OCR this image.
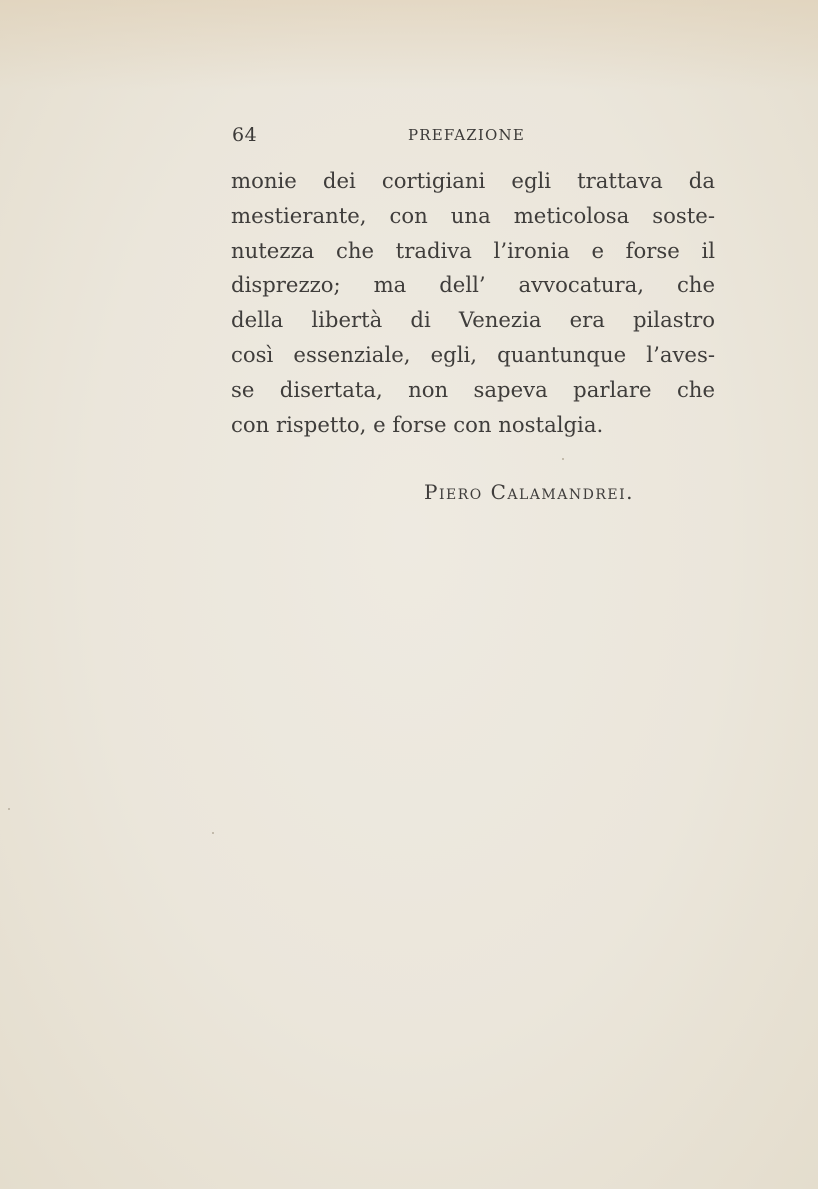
64	PREFAZIONE
monie dei cortigiani egli trattava da
mestierante, con una meticolosa soste-
nutezza che tradiva l’ironia e forse il
disprezzo; ma dell’ avvocatura, che
della libertà di Venezia era pilastro
così essenziale, egli, quantunque l’aves-
se disertata, non sapeva parlare che
con rispetto, e forse con nostalgia.
Piero Calamandrei.
